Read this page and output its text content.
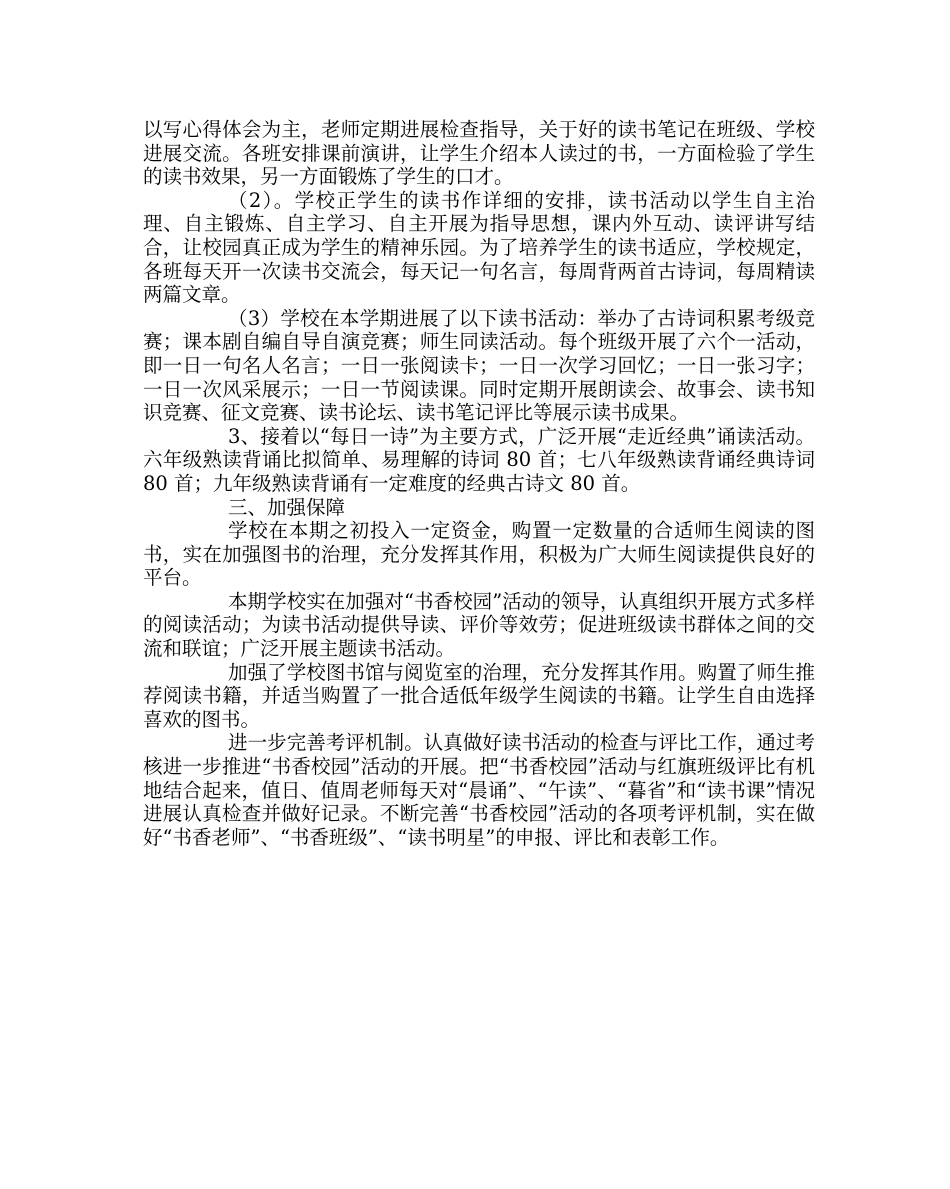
以写心得体会为主，老师定期进展检查指导，关于好的读书笔记在班级、学校进展交流。各班安排课前演讲，让学生介绍本人读过的书，一方面检验了学生的读书效果，另一方面锻炼了学生的口才。

（2）。学校正学生的读书作详细的安排，读书活动以学生自主治理、自主锻炼、自主学习、自主开展为指导思想，课内外互动、读评讲写结合，让校园真正成为学生的精神乐园。为了培养学生的读书适应，学校规定，各班每天开一次读书交流会，每天记一句名言，每周背两首古诗词，每周精读两篇文章。

（3）学校在本学期进展了以下读书活动：举办了古诗词积累考级竞赛；课本剧自编自导自演竞赛；师生同读活动。每个班级开展了六个一活动，即一日一句名人名言；一日一张阅读卡；一日一次学习回忆；一日一张习字；一日一次风采展示；一日一节阅读课。同时定期开展朗读会、故事会、读书知识竞赛、征文竞赛、读书论坛、读书笔记评比等展示读书成果。

3、接着以“每日一诗”为主要方式，广泛开展“走近经典”诵读活动。六年级熟读背诵比拟简单、易理解的诗词 80 首；七八年级熟读背诵经典诗词 80 首；九年级熟读背诵有一定难度的经典古诗文 80 首。

三、加强保障

学校在本期之初投入一定资金，购置一定数量的合适师生阅读的图书，实在加强图书的治理，充分发挥其作用，积极为广大师生阅读提供良好的平台。

本期学校实在加强对“书香校园”活动的领导，认真组织开展方式多样的阅读活动；为读书活动提供导读、评价等效劳；促进班级读书群体之间的交流和联谊；广泛开展主题读书活动。

加强了学校图书馆与阅览室的治理，充分发挥其作用。购置了师生推荐阅读书籍，并适当购置了一批合适低年级学生阅读的书籍。让学生自由选择喜欢的图书。

进一步完善考评机制。认真做好读书活动的检查与评比工作，通过考核进一步推进“书香校园”活动的开展。把“书香校园”活动与红旗班级评比有机地结合起来，值日、值周老师每天对“晨诵”、“午读”、“暮省”和“读书课”情况进展认真检查并做好记录。不断完善“书香校园”活动的各项考评机制，实在做好“书香老师”、“书香班级”、“读书明星”的申报、评比和表彰工作。
